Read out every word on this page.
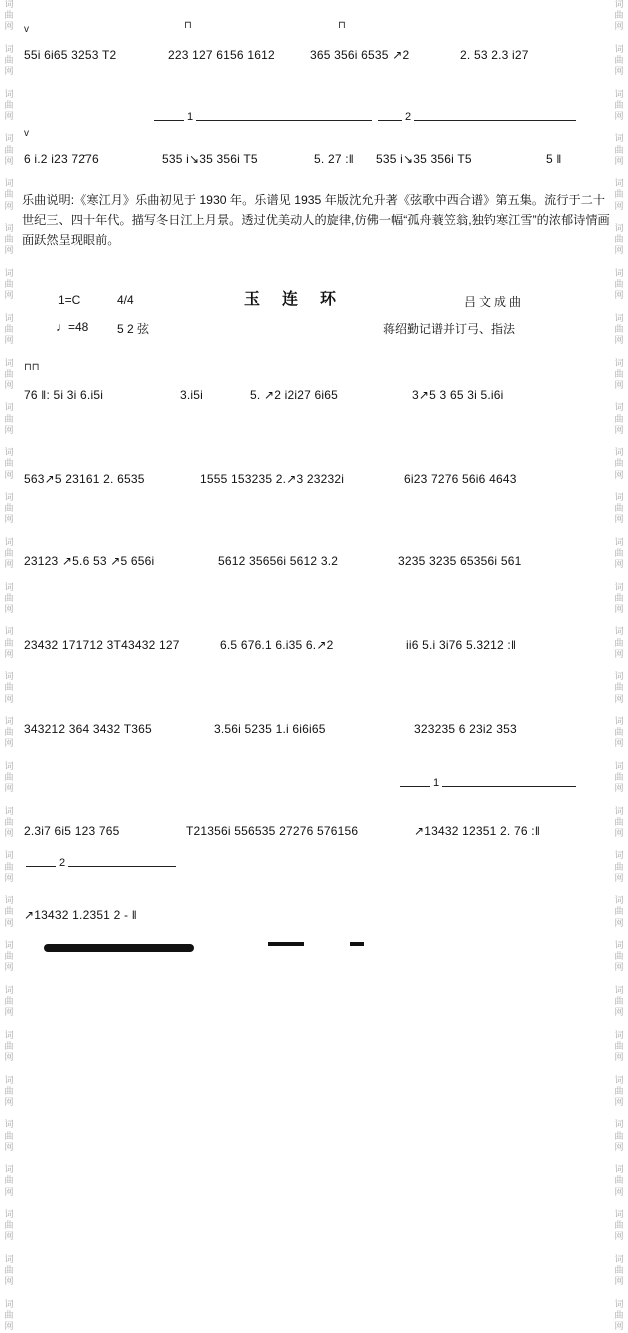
词
曲
网

词
曲
网

词
曲
网

词
曲
网

词
曲
网

词
曲
网

词
曲
网

词
曲
网

词
曲
网

词
曲
网

词
曲
网

词
曲
网

词
曲
网

词
曲
网

词
曲
网

词
曲
网

词
曲
网

词
曲
网

词
曲
网

词
曲
网

词
曲
网

词
曲
网

词
曲
网

词
曲
网

词
曲
网

词
曲
网

词
曲
网

词
曲
网

词
曲
网

词
曲
网

词
曲
网

词
曲
网

词
曲
网

词
曲
网

词
曲
网

词
曲
网

词
曲
网

词
曲
网

词
曲
网

词
曲
网

词
曲
网

词
曲
网

词
曲
网

词
曲
网

词
曲
网

词
曲
网

词
曲
网

词
曲
网

词
曲
网

词
曲
网

词
曲
网

词
曲
网

词
曲
网

词
曲
网

词
曲
网

词
曲
网

词
曲
网

词
曲
网

词
曲
网

词
曲
网

v	⊓	⊓
55i 6i65 3253 T2	223 127 6156 1612	365 356i 6535 ↗2	2. 53 2.3 i27
1	2
v
6 i.2 i23 72̄76	535 i↘35 356i T5	5. 27 :‖ 535 i↘35 356i T5	5 ‖
乐曲说明:《寒江月》乐曲初见于 1930 年。乐谱见 1935 年版沈允升著《弦歌中西合谱》第五集。流行于二十世纪三、四十年代。描写冬日江上月景。透过优美动人的旋律,仿佛一幅“孤舟蓑笠翁,独钓寒江雪”的浓郁诗情画面跃然呈现眼前。
1=C	4/4	玉连环	吕文成曲
♩=48 5 2 弦	蒋绍勤记谱并订弓、指法
⊓⊓
76 ‖: 5i 3i 6.i5i	3.i5i	5. ↗2 i2i27 6i65	3↗5 3 65 3i 5.i6i
563↗5 23161 2. 6535	1555 153235 2.↗3 23232i	6i23 7276 56i6 4643
23123 ↗5.6 53 ↗5 656i	5612 35656i 5612 3.2	3235 3235 65356i 561
23432 171712 3T43432 127	6.5 676.1 6.i35 6.↗2	ii6 5.i 3i76 5.3212 :‖
343212 364 3432 T365	3.56i 5235 1.i 6i6i65	323235 6 23i2 353
1
2.3i7 6i5 123 765	T21356i 556535 27276 576156	↗13432 12351 2. 76 :‖
2
↗13432 1.2351 2 - ‖
